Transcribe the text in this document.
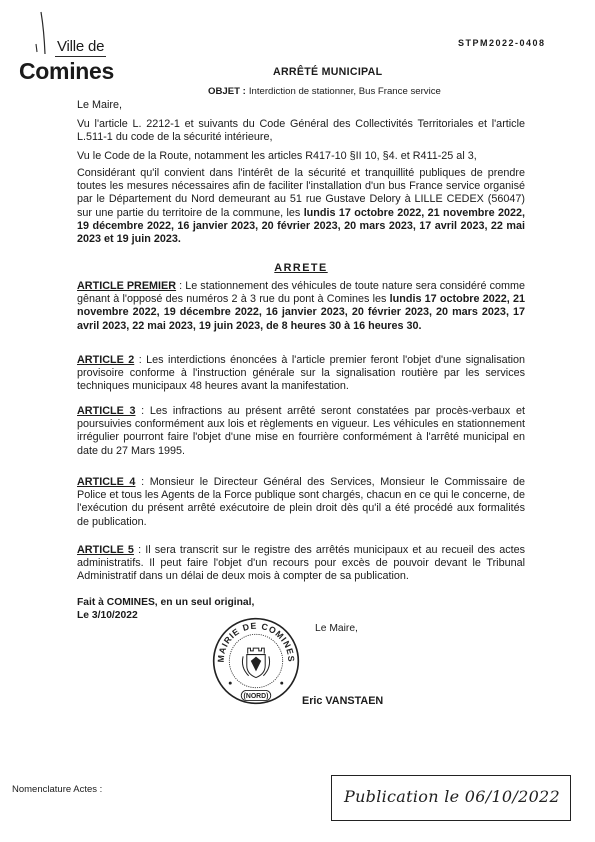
Ville de
Comines
STPM2022-0408
ARRÊTÉ MUNICIPAL
OBJET : Interdiction de stationner, Bus France service
Le Maire,

Vu l'article L. 2212-1 et suivants du Code Général des Collectivités Territoriales et l'article L.511-1 du code de la sécurité intérieure,

Vu le Code de la Route, notamment les articles R417-10 §II 10, §4. et R411-25 al 3,

Considérant qu'il convient dans l'intérêt de la sécurité et tranquillité publiques de prendre toutes les mesures nécessaires afin de faciliter l'installation d'un bus France service organisé par le Département du Nord demeurant au 51 rue Gustave Delory à LILLE CEDEX (56047) sur une partie du territoire de la commune, les lundis 17 octobre 2022, 21 novembre 2022, 19 décembre 2022, 16 janvier 2023, 20 février 2023, 20 mars 2023, 17 avril 2023, 22 mai 2023 et 19 juin 2023.

ARRETE

ARTICLE PREMIER : Le stationnement des véhicules de toute nature sera considéré comme gênant à l'opposé des numéros 2 à 3 rue du pont à Comines les lundis 17 octobre 2022, 21 novembre 2022, 19 décembre 2022, 16 janvier 2023, 20 février 2023, 20 mars 2023, 17 avril 2023, 22 mai 2023, 19 juin 2023, de 8 heures 30 à 16 heures 30.

ARTICLE 2 : Les interdictions énoncées à l'article premier feront l'objet d'une signalisation provisoire conforme à l'instruction générale sur la signalisation routière par les services techniques municipaux 48 heures avant la manifestation.

ARTICLE 3 : Les infractions au présent arrêté seront constatées par procès-verbaux et poursuivies conformément aux lois et règlements en vigueur. Les véhicules en stationnement irrégulier pourront faire l'objet d'une mise en fourrière conformément à l'arrêté municipal en date du 27 Mars 1995.

ARTICLE 4 : Monsieur le Directeur Général des Services, Monsieur le Commissaire de Police et tous les Agents de la Force publique sont chargés, chacun en ce qui le concerne, de l'exécution du présent arrêté exécutoire de plein droit dès qu'il a été procédé aux formalités de publication.

ARTICLE 5 : Il sera transcrit sur le registre des arrêtés municipaux et au recueil des actes administratifs. Il peut faire l'objet d'un recours pour excès de pouvoir devant le Tribunal Administratif dans un délai de deux mois à compter de sa publication.

Fait à COMINES, en un seul original,
Le 3/10/2022
Le Maire,
MAIRIE DE COMINES
(NORD)	Eric VANSTAEN
Nomenclature Actes :	Publication le 06/10/2022
